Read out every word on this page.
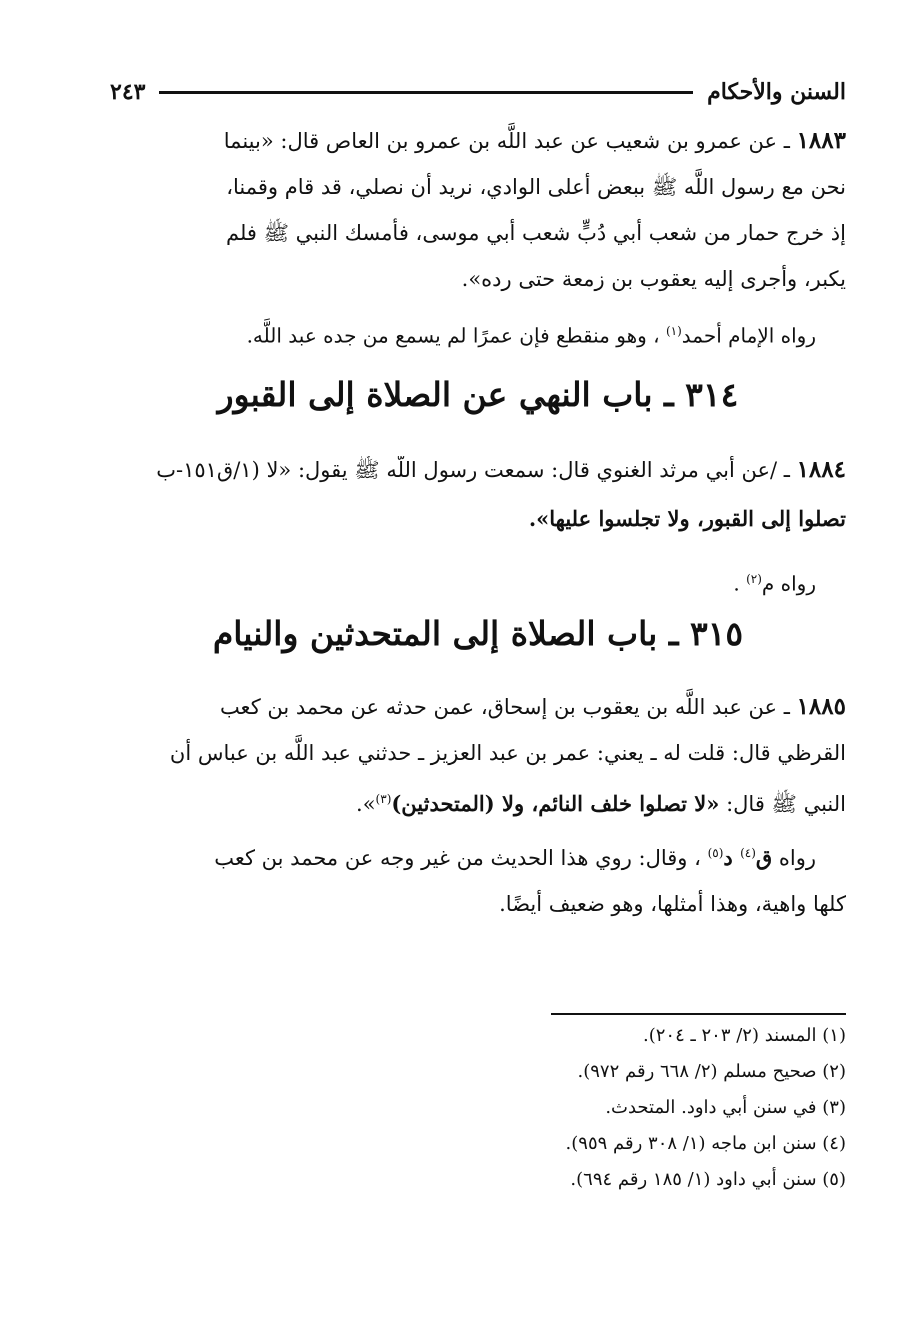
السنن والأحكام
٢٤٣

١٨٨٣ ـ عن عمرو بن شعيب عن عبد اللَّه بن عمرو بن العاص قال: «بينما

نحن مع رسول اللَّه ﷺ ببعض أعلى الوادي، نريد أن نصلي، قد قام وقمنا،

إذ خرج حمار من شعب أبي دُبٍّ شعب أبي موسى، فأمسك النبي ﷺ فلم

يكبر، وأجرى إليه يعقوب بن زمعة حتى رده».

رواه الإمام أحمد$^{(١)}$ ، وهو منقطع فإن عمرًا لم يسمع من جده عبد اللَّه.

٣١٤ ـ باب النهي عن الصلاة إلى القبور
١٨٨٤ ـ /عن أبي مرثد الغنوي قال: سمعت رسول اللَّه ﷺ يقول: «لا (١/ق١٥١-ب

تصلوا إلى القبور، ولا تجلسوا عليها».

رواه م$^{(٢)}$ .

٣١٥ ـ باب الصلاة إلى المتحدثين والنيام

١٨٨٥ ـ عن عبد اللَّه بن يعقوب بن إسحاق، عمن حدثه عن محمد بن كعب

القرظي قال: قلت له ـ يعني: عمر بن عبد العزيز ـ حدثني عبد اللَّه بن عباس أن

النبي ﷺ قال: «لا تصلوا خلف النائم، ولا (المتحدثين)$^{(٣)}$».

رواه ق$^{(٤)}$ د$^{(٥)}$ ، وقال: روي هذا الحديث من غير وجه عن محمد بن كعب

كلها واهية، وهذا أمثلها، وهو ضعيف أيضًا.

(١) المسند (٢/ ٢٠٣ ـ ٢٠٤).

(٢) صحيح مسلم (٢/ ٦٦٨ رقم ٩٧٢).

(٣) في سنن أبي داود. المتحدث.

(٤) سنن ابن ماجه (١/ ٣٠٨ رقم ٩٥٩).

(٥) سنن أبي داود (١/ ١٨٥ رقم ٦٩٤).
